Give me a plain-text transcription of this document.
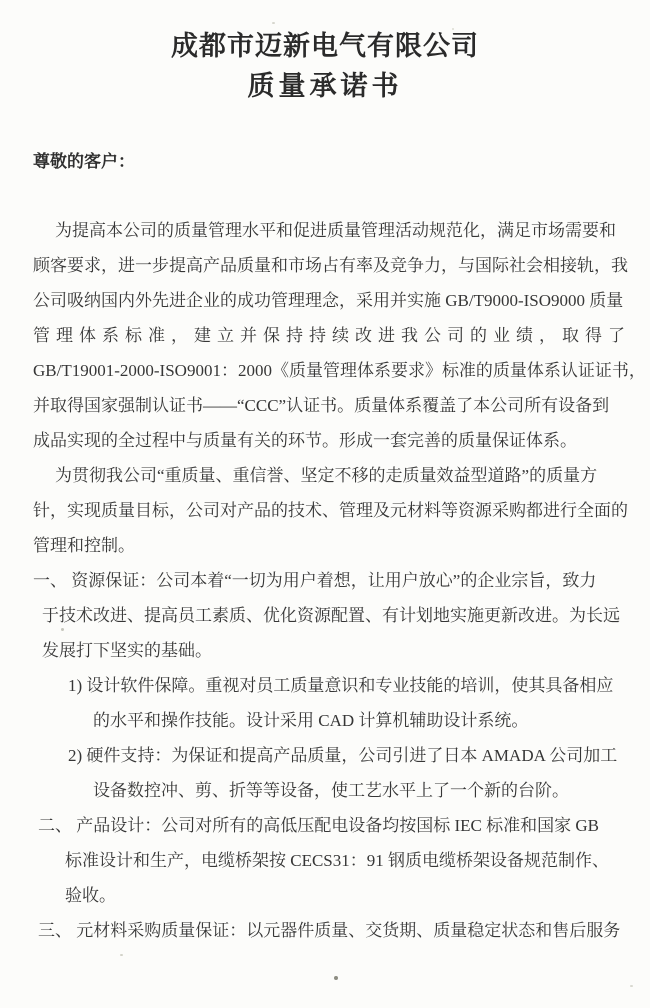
成都市迈新电气有限公司
质量承诺书
尊敬的客户：
为提高本公司的质量管理水平和促进质量管理活动规范化，满足市场需要和
顾客要求，进一步提高产品质量和市场占有率及竞争力，与国际社会相接轨，我
公司吸纳国内外先进企业的成功管理理念，采用并实施 GB/T9000-ISO9000 质量
管理体系标准，建立并保持持续改进我公司的业绩，取得了
GB/T19001-2000-ISO9001：2000《质量管理体系要求》标准的质量体系认证证书，
并取得国家强制认证书——“CCC”认证书。质量体系覆盖了本公司所有设备到
成品实现的全过程中与质量有关的环节。形成一套完善的质量保证体系。
为贯彻我公司“重质量、重信誉、坚定不移的走质量效益型道路”的质量方
针，实现质量目标，公司对产品的技术、管理及元材料等资源采购都进行全面的
管理和控制。
一、 资源保证：公司本着“一切为用户着想，让用户放心”的企业宗旨，致力
于技术改进、提高员工素质、优化资源配置、有计划地实施更新改进。为长远
发展打下坚实的基础。
1) 设计软件保障。重视对员工质量意识和专业技能的培训，使其具备相应
的水平和操作技能。设计采用 CAD 计算机辅助设计系统。
2) 硬件支持：为保证和提高产品质量，公司引进了日本 AMADA 公司加工
设备数控冲、剪、折等等设备，使工艺水平上了一个新的台阶。
二、 产品设计：公司对所有的高低压配电设备均按国标 IEC 标准和国家 GB
标准设计和生产，电缆桥架按 CECS31：91 钢质电缆桥架设备规范制作、
验收。
三、 元材料采购质量保证：以元器件质量、交货期、质量稳定状态和售后服务
